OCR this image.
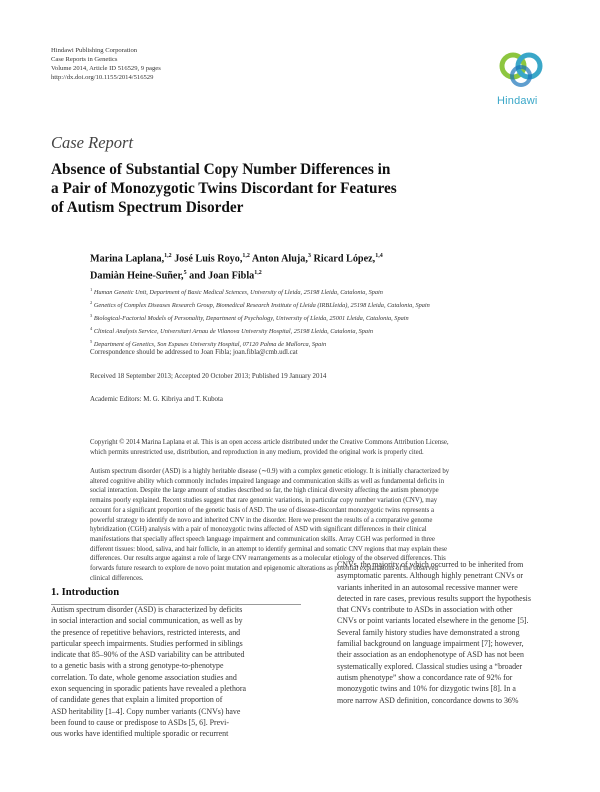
Hindawi Publishing Corporation
Case Reports in Genetics
Volume 2014, Article ID 516529, 9 pages
http://dx.doi.org/10.1155/2014/516529
Hindawi
Case Report
Absence of Substantial Copy Number Differences in
a Pair of Monozygotic Twins Discordant for Features
of Autism Spectrum Disorder
Marina Laplana,$^{1,2}$ José Luis Royo,$^{1,2}$ Anton Aluja,$^3$ Ricard López,$^{1,4}$
Damiàn Heine-Suñer,$^5$ and Joan Fibla$^{1,2}$
$^1$ Human Genetic Unit, Department of Basic Medical Sciences, University of Lleida, 25198 Lleida, Catalonia, Spain
$^2$ Genetics of Complex Diseases Research Group, Biomedical Research Institute of Lleida (IRBLleida), 25198 Lleida, Catalonia, Spain
$^3$ Biological-Factorial Models of Personality, Department of Psychology, University of Lleida, 25001 Lleida, Catalonia, Spain
$^4$ Clinical Analysis Service, Universitari Arnau de Vilanova University Hospital, 25198 Lleida, Catalonia, Spain
$^5$ Department of Genetics, Son Espases University Hospital, 07120 Palma de Mallorca, Spain
Correspondence should be addressed to Joan Fibla; joan.fibla@cmb.udl.cat
Received 18 September 2013; Accepted 20 October 2013; Published 19 January 2014
Academic Editors: M. G. Kibriya and T. Kubota
Copyright © 2014 Marina Laplana et al. This is an open access article distributed under the Creative Commons Attribution License,
which permits unrestricted use, distribution, and reproduction in any medium, provided the original work is properly cited.
Autism spectrum disorder (ASD) is a highly heritable disease (∼0.9) with a complex genetic etiology. It is initially characterized by
altered cognitive ability which commonly includes impaired language and communication skills as well as fundamental deficits in
social interaction. Despite the large amount of studies described so far, the high clinical diversity affecting the autism phenotype
remains poorly explained. Recent studies suggest that rare genomic variations, in particular copy number variation (CNV), may
account for a significant proportion of the genetic basis of ASD. The use of disease-discordant monozygotic twins represents a
powerful strategy to identify de novo and inherited CNV in the disorder. Here we present the results of a comparative genome
hybridization (CGH) analysis with a pair of monozygotic twins affected of ASD with significant differences in their clinical
manifestations that specially affect speech language impairment and communication skills. Array CGH was performed in three
different tissues: blood, saliva, and hair follicle, in an attempt to identify germinal and somatic CNV regions that may explain these
differences. Our results argue against a role of large CNV rearrangements as a molecular etiology of the observed differences. This
forwards future research to explore de novo point mutation and epigenomic alterations as potential explanations of the observed
clinical differences.
1. Introduction
Autism spectrum disorder (ASD) is characterized by deficits
in social interaction and social communication, as well as by
the presence of repetitive behaviors, restricted interests, and
particular speech impairments. Studies performed in siblings
indicate that 85–90% of the ASD variability can be attributed
to a genetic basis with a strong genotype-to-phenotype
correlation. To date, whole genome association studies and
exon sequencing in sporadic patients have revealed a plethora
of candidate genes that explain a limited proportion of
ASD heritability [1–4]. Copy number variants (CNVs) have
been found to cause or predispose to ASDs [5, 6]. Previ-
ous works have identified multiple sporadic or recurrent
CNVs, the majority of which occurred to be inherited from
asymptomatic parents. Although highly penetrant CNVs or
variants inherited in an autosomal recessive manner were
detected in rare cases, previous results support the hypothesis
that CNVs contribute to ASDs in association with other
CNVs or point variants located elsewhere in the genome [5].
Several family history studies have demonstrated a strong
familial background on language impairment [7]; however,
their association as an endophenotype of ASD has not been
systematically explored. Classical studies using a “broader
autism phenotype” show a concordance rate of 92% for
monozygotic twins and 10% for dizygotic twins [8]. In a
more narrow ASD definition, concordance downs to 36%
